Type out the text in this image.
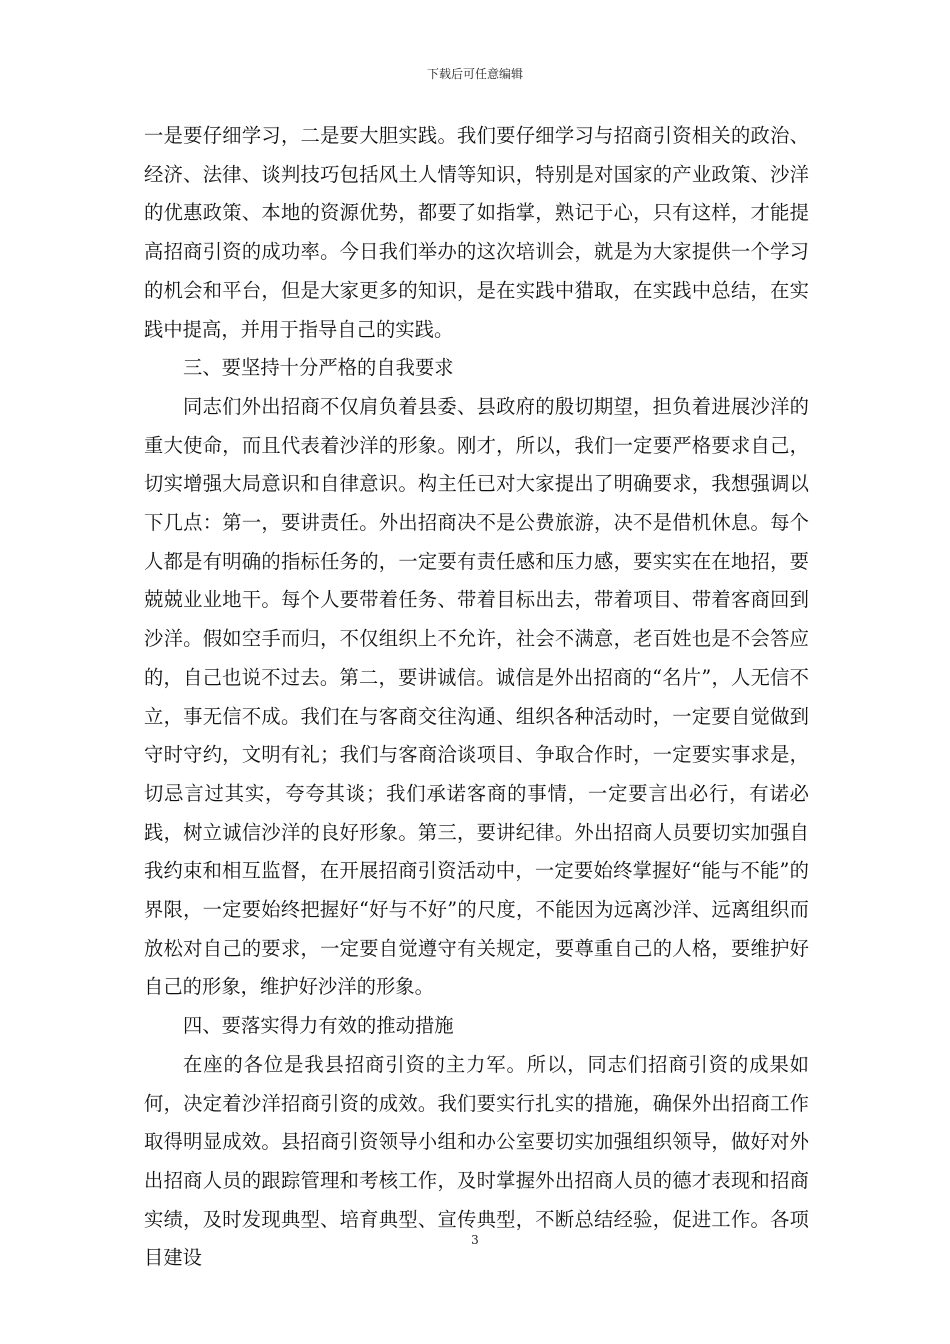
下载后可任意编辑

一是要仔细学习，二是要大胆实践。我们要仔细学习与招商引资相关的政治、经济、法律、谈判技巧包括风土人情等知识，特别是对国家的产业政策、沙洋的优惠政策、本地的资源优势，都要了如指掌，熟记于心，只有这样，才能提高招商引资的成功率。今日我们举办的这次培训会，就是为大家提供一个学习的机会和平台，但是大家更多的知识，是在实践中猎取，在实践中总结，在实践中提高，并用于指导自己的实践。

三、要坚持十分严格的自我要求

同志们外出招商不仅肩负着县委、县政府的殷切期望，担负着进展沙洋的重大使命，而且代表着沙洋的形象。刚才，所以，我们一定要严格要求自己，切实增强大局意识和自律意识。构主任已对大家提出了明确要求，我想强调以下几点：第一，要讲责任。外出招商决不是公费旅游，决不是借机休息。每个人都是有明确的指标任务的，一定要有责任感和压力感，要实实在在地招，要兢兢业业地干。每个人要带着任务、带着目标出去，带着项目、带着客商回到沙洋。假如空手而归，不仅组织上不允许，社会不满意，老百姓也是不会答应的，自己也说不过去。第二，要讲诚信。诚信是外出招商的“名片”，人无信不立，事无信不成。我们在与客商交往沟通、组织各种活动时，一定要自觉做到守时守约，文明有礼；我们与客商洽谈项目、争取合作时，一定要实事求是，切忌言过其实，夸夸其谈；我们承诺客商的事情，一定要言出必行，有诺必践，树立诚信沙洋的良好形象。第三，要讲纪律。外出招商人员要切实加强自我约束和相互监督，在开展招商引资活动中，一定要始终掌握好“能与不能”的界限，一定要始终把握好“好与不好”的尺度，不能因为远离沙洋、远离组织而放松对自己的要求，一定要自觉遵守有关规定，要尊重自己的人格，要维护好自己的形象，维护好沙洋的形象。

四、要落实得力有效的推动措施

在座的各位是我县招商引资的主力军。所以，同志们招商引资的成果如何，决定着沙洋招商引资的成效。我们要实行扎实的措施，确保外出招商工作取得明显成效。县招商引资领导小组和办公室要切实加强组织领导，做好对外出招商人员的跟踪管理和考核工作，及时掌握外出招商人员的德才表现和招商实绩，及时发现典型、培育典型、宣传典型，不断总结经验，促进工作。各项目建设

3
